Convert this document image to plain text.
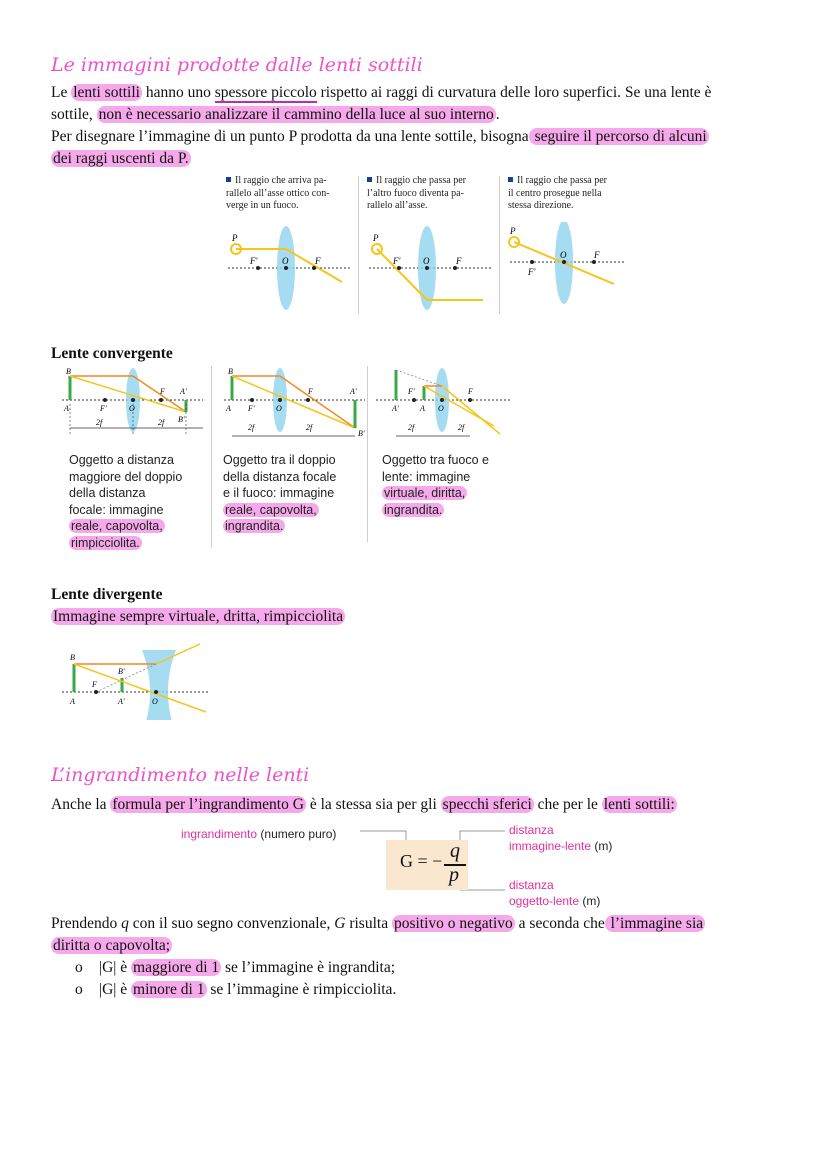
Le immagini prodotte dalle lenti sottili
Le lenti sottili hanno uno spessore piccolo rispetto ai raggi di curvatura delle loro superfici. Se una lente è
sottile, non è necessario analizzare il cammino della luce al suo interno .
Per disegnare l’immagine di un punto P prodotta da una lente sottile, bisogna seguire il percorso di alcuni
dei raggi uscenti da P.
Il raggio che arriva pa-
rallelo all’asse ottico con-
verge in un fuoco.
Il raggio che passa per
l’altro fuoco diventa pa-
rallelo all’asse.
Il raggio che passa per
il centro prosegue nella
stessa direzione.
P
F'	O	F
P
F'	O	F
P
F'
O	F
Lente convergente
B
A	F'	O
F A'
B'
2f	2f
B
A F'	O
F	A'
B'
2f	2f
A'	A
F'
O
F
2f	2f
Oggetto a distanza
maggiore del doppio
della distanza
focale: immagine
reale, capovolta,
rimpicciolita.
Oggetto tra il doppio
della distanza focale
e il fuoco: immagine
reale, capovolta,
ingrandita.
Oggetto tra fuoco e
lente: immagine
virtuale, diritta,
ingrandita.
Lente divergente
Immagine sempre virtuale, dritta, rimpicciolita
B
B'
F
A	A'	O
L’ingrandimento nelle lenti
Anche la formula per l’ingrandimento G è la stessa sia per gli specchi sferici che per le lenti sottili:
ingrandimento (numero puro)
G = − q
p
distanza
immagine-lente (m)
distanza
oggetto-lente (m)
Prendendo q con il suo segno convenzionale, G risulta positivo o negativo a seconda che l’immagine sia
diritta o capovolta;
o |G| è maggiore di 1 se l’immagine è ingrandita;
o |G| è minore di 1 se l’immagine è rimpicciolita.
